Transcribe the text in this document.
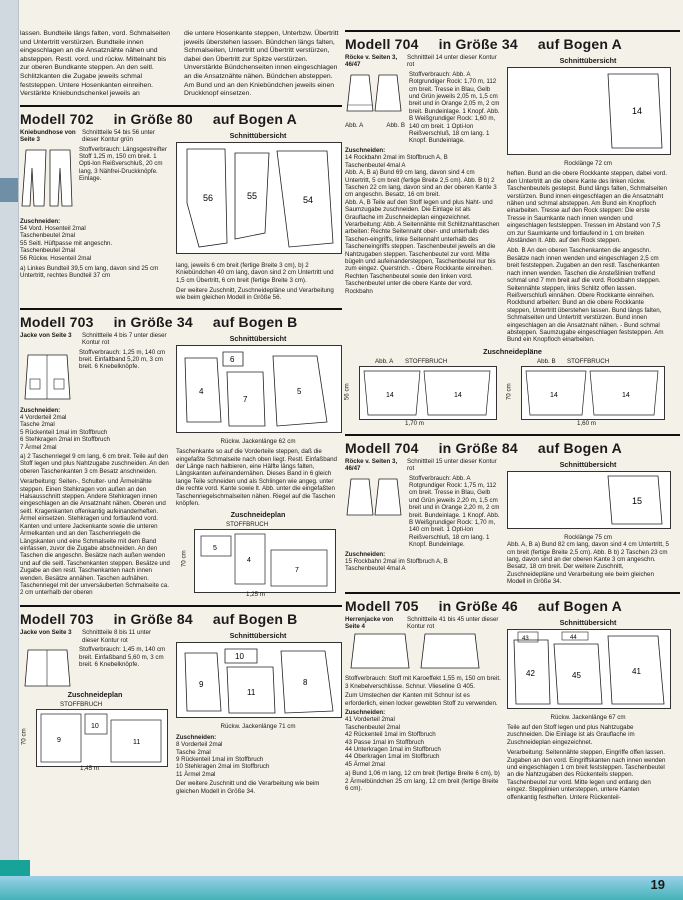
lassen. Bundteile längs falten, vord. Schmalseiten und Untertritt verstürzen. Bundteile innen eingeschlagen an die Ansatznähte nähen und absteppen. Restl. vord. und rückw. Mittelnaht bis zur oberen Bundkante steppen. An den seitl. Schlitzkanten die Zugabe jeweils schmal feststeppen. Untere Hosenkanten einreihen. Verstärkte Kniebundschenkel jeweils an
die untere Hosenkante steppen, Unterbzw. Übertritt jeweils überstehen lassen. Bündchen längs falten, Schmalseiten, Untertritt und Übertritt verstürzen, dabei den Übertritt zur Spitze verstürzen. Unverstärkte Bündchenseiten innen eingeschlagen an die Ansatznähte nähen. Bündchen absteppen. Am Bund und an den Kniebündchen jeweils einen Druckknopf einsetzen.
Modell 702 in Größe 80 auf Bogen A
Kniebundhose von Seite 3
Schnittteile 54 bis 56 unter dieser Kontur grün
Stoffverbrauch: Längsgestreifter Stoff 1,25 m, 150 cm breit. 1 Opti-lon Reißverschluß, 20 cm lang, 3 Nähfrei-Druckknöpfe. Einlage.
Zuschneiden:
54 Vord. Hosenteil 2mal
Taschenbeutel 2mal
55 Seitl. Hüftpasse mit angeschn.
Taschenbeutel 2mal
56 Rückw. Hosenteil 2mal
a) Linkes Bundteil 39,5 cm lang, davon sind 25 cm Untertritt, rechtes Bundteil 37 cm
Schnittübersicht
56	55	54
lang, jeweils 6 cm breit (fertige Breite 3 cm), b) 2 Kniebündchen 40 cm lang, davon sind 2 cm Untertritt und 1,5 cm Übertritt, 6 cm breit (fertige Breite 3 cm).
Der weitere Zuschnitt, Zuschneidepläne und Verarbeitung wie beim gleichen Modell in Größe 56.
Modell 703 in Größe 34 auf Bogen B
Jacke von Seite 3	Schnittteile 4 bis 7 unter dieser Kontur rot
Stoffverbrauch: 1,25 m, 140 cm breit. Einfaltband 5,20 m, 3 cm breit. 6 Knebelknöpfe.
Zuschneiden:
4 Vorderteil 2mal
Tasche 2mal
5 Rückenteil 1mal im Stoffbruch
6 Stehkragen 2mal im Stoffbruch
7 Ärmel 2mal
a) 2 Taschenriegel 9 cm lang, 6 cm breit. Teile auf den Stoff legen und plus Nahtzugabe zuschneiden. An den oberen Taschenkanten 3 cm Besatz anschneiden.
Verarbeitung: Seiten-, Schulter- und Ärmelnähte steppen. Einen Stehkragen von außen an den Halsausschnitt steppen. Andere Stehkragen innen eingeschlagen an die Ansatznaht nähen. Oberen und seitl. Kragenkanten offenkantig aufeinanderheften. Ärmel einsetzen. Stehkragen und fortlaufend vord. Kanten und untere Jackenkante sowie die unteren Ärmelkanten und an den Taschenriegeln die Längskanten und eine Schmalseite mit dem Band einfassen, zuvor die Zugabe abschneiden. An den Taschen die angeschn. Besätze nach außen wenden und auf die seitl. Taschenkanten steppen. Besätze und Zugabe an den restl. Taschenkanten nach innen wenden. Besätze annähen. Taschen aufnähen. Taschenriegel mit der unversäuberten Schmalseite ca. 2 cm unterhalb der oberen
Schnittübersicht
4
6
7
5
Rückw. Jackenlänge 62 cm
Taschenkante so auf die Vorderteile steppen, daß die eingefaßte Schmalseite nach oben liegt. Restl. Einfaßband der Länge nach halbieren, eine Hälfte längs falten, Längskanten aufeinandernähen. Dieses Band in 6 gleich lange Teile schneiden und als Schlingen wie angeg. unter die rechte vord. Kante sowie lt. Abb. unter die eingefaßten Taschenriegelschmalseiten nähen. Riegel auf die Taschen knöpfen.
Zuschneideplan
STOFFBRUCH
70 cm
5
4
7
1,25 m
Modell 703 in Größe 84 auf Bogen B
Jacke von Seite 3	Schnittteile 8 bis 11 unter dieser Kontur rot
Stoffverbrauch: 1,45 m, 140 cm breit. Einfaßband 5,60 m, 3 cm breit. 6 Knebelknöpfe.
Zuschneideplan
STOFFBRUCH
70 cm	9
10
11
1,45 m
Schnittübersicht
9
10
11
8
Rückw. Jackenlänge 71 cm
Zuschneiden:
8 Vorderteil 2mal
Tasche 2mal
9 Rückenteil 1mal im Stoffbruch
10 Stehkragen 2mal im Stoffbruch
11 Ärmel 2mal
Der weitere Zuschnitt und die Verarbeitung wie beim gleichen Modell in Größe 34.
Modell 704 in Größe 34 auf Bogen A
Röcke v. Seiten 3, 46/47
Schnittteil 14 unter dieser Kontur rot
Abb. A	Abb. B
Stoffverbrauch: Abb. A Rotgrundiger Rock: 1,70 m, 112 cm breit. Tresse in Blau, Gelb und Grün jeweils 2,05 m, 1,5 cm breit und in Orange 2,05 m, 2 cm breit. Bundeinlage. 1 Knopf. Abb. B Weißgrundiger Rock: 1,60 m, 140 cm breit. 1 Opti-lon Reißverschluß, 18 cm lang. 1 Knopf. Bundeinlage.
Zuschneiden:
14 Rockbahn 2mal im Stoffbruch A, B
Taschenbeutel 4mal A
Abb. A, B a) Bund 69 cm lang, davon sind 4 cm Untertritt, 5 cm breit (fertige Breite 2,5 cm). Abb. B b) 2 Taschen 22 cm lang, davon sind an der oberen Kante 3 cm angeschn. Besatz, 16 cm breit.
Abb. A, B Teile auf den Stoff legen und plus Naht- und Saumzugabe zuschneiden. Die Einlage ist als Grauflache im Zuschneideplan eingezeichnet.
Verarbeitung: Abb. A Seitennähte mit Schlitznahttaschen arbeiten: Rechte Seitennaht ober- und unterhalb des Taschen-eingriffs, linke Seitennaht unterhalb des Tascheneingriffs steppen. Taschenbeutel jeweils an die Nahtzugaben steppen. Taschenbeutel zur vord. Mitte bügeln und aufeinandersteppen, Taschenbeutel nur bis zum eingez. Querstrich. - Obere Rockkante einreihen. Rechten Taschenbeutel sowie den linken vord. Taschenbeutel unter die obere Kante der vord. Rockbahn
Schnittübersicht
14
Rocklänge 72 cm
heften. Bund an die obere Rockkante steppen, dabei vord. den Untertritt an die obere Kante des linken rückw. Taschenbeutels gestepst. Bund längs falten, Schmalseiten verstürzen. Bund innen eingeschlagen an die Ansatznaht nähen und schmal absteppen. Am Bund ein Knopfloch einarbeiten. Tresse auf den Rock steppen: Die erste Tresse in Saumkante nach innen wenden und eingeschlagen feststeppen. Tressen im Abstand von 7,5 cm zur Saumkante und fortlaufend in 1 cm breiten Abständen lt. Abb. auf den Rock steppen.
Abb. B An den oberen Taschenkanten die angeschn. Besätze nach innen wenden und eingeschlagen 2,5 cm breit feststeppen. Zugaben an den restl. Taschenkanten nach innen wenden. Taschen die Ansteßlinien treffend schmal und 7 mm breit auf die vord. Rockbahn steppen. Seitennähte steppen, links Schlitz offen lassen. Reißverschluß einnähen. Obere Rockkante einreihen. Rockbund arbeiten: Bund an die obere Rockkante steppen, Untertritt überstehen lassen. Bund längs falten, Schmalseiten und Untertritt verstürzen. Bund innen eingeschlagen an die Ansatznaht nähen. - Bund schmal absteppen. Saumzugabe eingeschlagen feststeppen. Am Bund ein Knopfloch einarbeiten.
Zuschneidepläne
Abb. A STOFFBRUCH
56 cm	14	14
1,70 m
Abb. B STOFFBRUCH
70 cm	14	14
1,60 m
Modell 704 in Größe 84 auf Bogen A
Röcke v. Seiten 3, 46/47
Schnittteil 15 unter dieser Kontur rot
Stoffverbrauch: Abb. A Rotgrundiger Rock: 1,75 m, 112 cm breit. Tresse in Blau, Gelb und Grün jeweils 2,20 m, 1,5 cm breit und in Orange 2,20 m, 2 cm breit. Bundeinlage. 1 Knopf. Abb. B Weißgrundiger Rock: 1,70 m, 140 cm breit. 1 Opti-lon Reißverschluß, 18 cm lang. 1 Knopf. Bundeinlage.
Zuschneiden:
15 Rockbahn 2mal im Stoffbruch A, B
Taschenbeutel 4mal A
Schnittübersicht
15
Rocklänge 75 cm
Abb. A, B a) Bund 82 cm lang, davon sind 4 cm Untertritt, 5 cm breit (fertige Breite 2,5 cm). Abb. B b) 2 Taschen 23 cm lang, davon sind an der oberen Kante 3 cm angeschn. Besatz, 18 cm breit. Der weitere Zuschnitt, Zuschneidepläne und Verarbeitung wie beim gleichen Modell in Größe 34.
Modell 705 in Größe 46 auf Bogen A
Herrenjacke von Seite 4
Schnittteile 41 bis 45 unter dieser Kontur rot
Stoffverbrauch: Stoff mit Karoeffekt 1,55 m, 150 cm breit. 3 Knebelverschlüsse. Schnur. Vlieseline G 405.
Zum Umstechen der Kanten mit Schnur ist es erforderlich, einen locker gewebten Stoff zu verwenden.
Zuschneiden:
41 Vorderteil 2mal
Taschenbeutel 2mal
42 Rückenteil 1mal im Stoffbruch
43 Passe 1mal im Stoffbruch
44 Unterkragen 1mal im Stoffbruch
44 Oberkragen 1mal im Stoffbruch
45 Ärmel 2mal
a) Bund 1,06 m lang, 12 cm breit (fertige Breite 6 cm), b) 2 Ärmelbündchen 25 cm lang, 12 cm breit (fertige Breite 6 cm).
Schnittübersicht
42
43
45	41
44
Rückw. Jackenlänge 67 cm
Teile auf den Stoff legen und plus Nahtzugabe zuschneiden. Die Einlage ist als Grauflache im Zuschneideplan eingezeichnet.
Verarbeitung: Seitennähte steppen, Eingriffe offen lassen. Zugaben an den vord. Eingriffskanten nach innen wenden und eingeschlagen 1 cm breit feststeppen. Taschenbeutel an die Nahtzugaben des Rückenteils steppen. Taschenbeutel zur vord. Mitte legen und entlang den eingez. Stepplinien untersteppen, untere Kanten offenkantig festheften. Untere Rückenteil-
19
